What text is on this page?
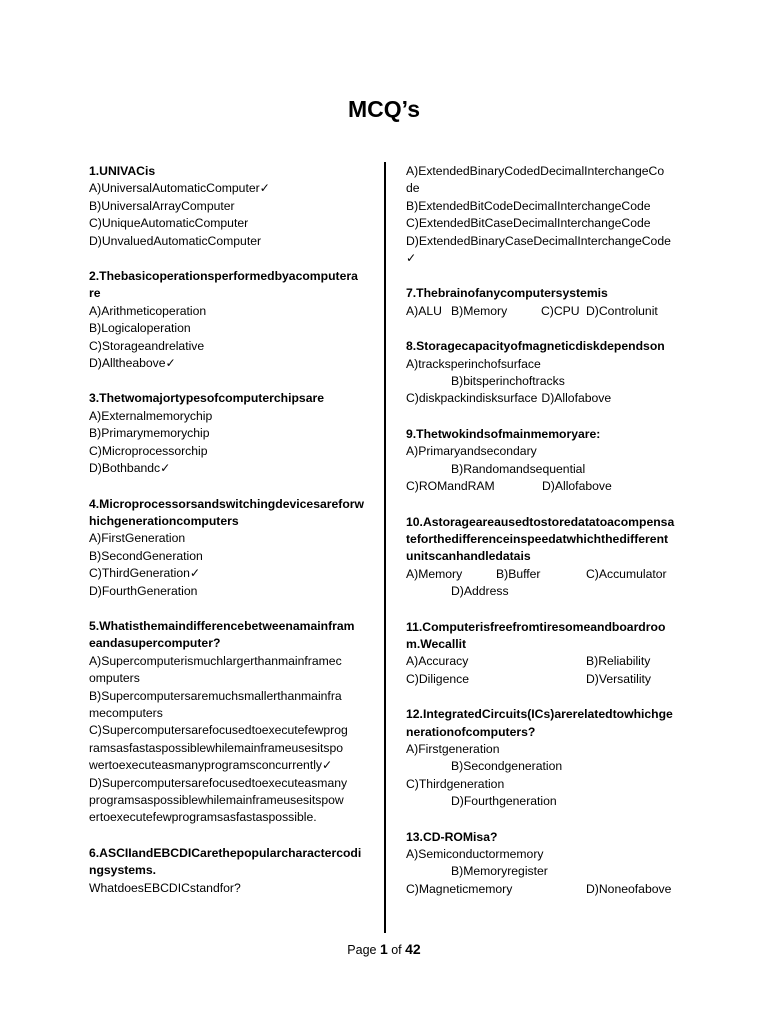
MCQ’s
1.UNIVACis
A)UniversalAutomaticComputer✓
B)UniversalArrayComputer
C)UniqueAutomaticComputer
D)UnvaluedAutomaticComputer
2.Thebasicoperationsperformedbyacomputera
re
A)Arithmeticoperation
B)Logicaloperation
C)Storageandrelative
D)Alltheabove✓
3.Thetwomajortypesofcomputerchipsare
A)Externalmemorychip
B)Primarymemorychip
C)Microprocessorchip
D)Bothbandc✓
4.Microprocessorsandswitchingdevicesareforw
hichgenerationcomputers
A)FirstGeneration
B)SecondGeneration
C)ThirdGeneration✓
D)FourthGeneration
5.Whatisthemaindifferencebetweenamainfram
eandasupercomputer?
A)Supercomputerismuchlargerthanmainframec
omputers
B)Supercomputersaremuchsmallerthanmainfra
mecomputers
C)Supercomputersarefocusedtoexecutefewprog
ramsasfastaspossiblewhilemainframeusesitspo
wertoexecuteasmanyprogramsconcurrently✓
D)Supercomputersarefocusedtoexecuteasmany
programsaspossiblewhilemainframeusesitspow
ertoexecutefewprogramsasfastaspossible.
6.ASCIIandEBCDICarethepopularcharactercodi
ngsystems.
WhatdoesEBCDICstandfor?
A)ExtendedBinaryCodedDecimalInterchangeCo
de
B)ExtendedBitCodeDecimalInterchangeCode
C)ExtendedBitCaseDecimalInterchangeCode
D)ExtendedBinaryCaseDecimalInterchangeCode
✓
7.Thebrainofanycomputersystemis
A)ALU B)Memory	C)CPU D)Controlunit
8.Storagecapacityofmagneticdiskdependson
A)tracksperinchofsurface
B)bitsperinchoftracks
C)diskpackindisksurface D)Allofabove
9.Thetwokindsofmainmemoryare:
A)Primaryandsecondary
B)Randomandsequential
C)ROMandRAM	D)Allofabove
10.Astorageareausedtostoredatatoacompensa
teforthedifferenceinspeedatwhichthedifferent
unitscanhandledatais
A)Memory	B)Buffer	C)Accumulator
D)Address
11.Computerisfreefromtiresomeandboardroo
m.Wecallit
A)Accuracy	B)Reliability
C)Diligence	D)Versatility
12.IntegratedCircuits(ICs)arerelatedtowhichge
nerationofcomputers?
A)Firstgeneration
B)Secondgeneration
C)Thirdgeneration
D)Fourthgeneration
13.CD-ROMisa?
A)Semiconductormemory
B)Memoryregister
C)Magneticmemory	D)Noneofabove
Page 1 of 42
